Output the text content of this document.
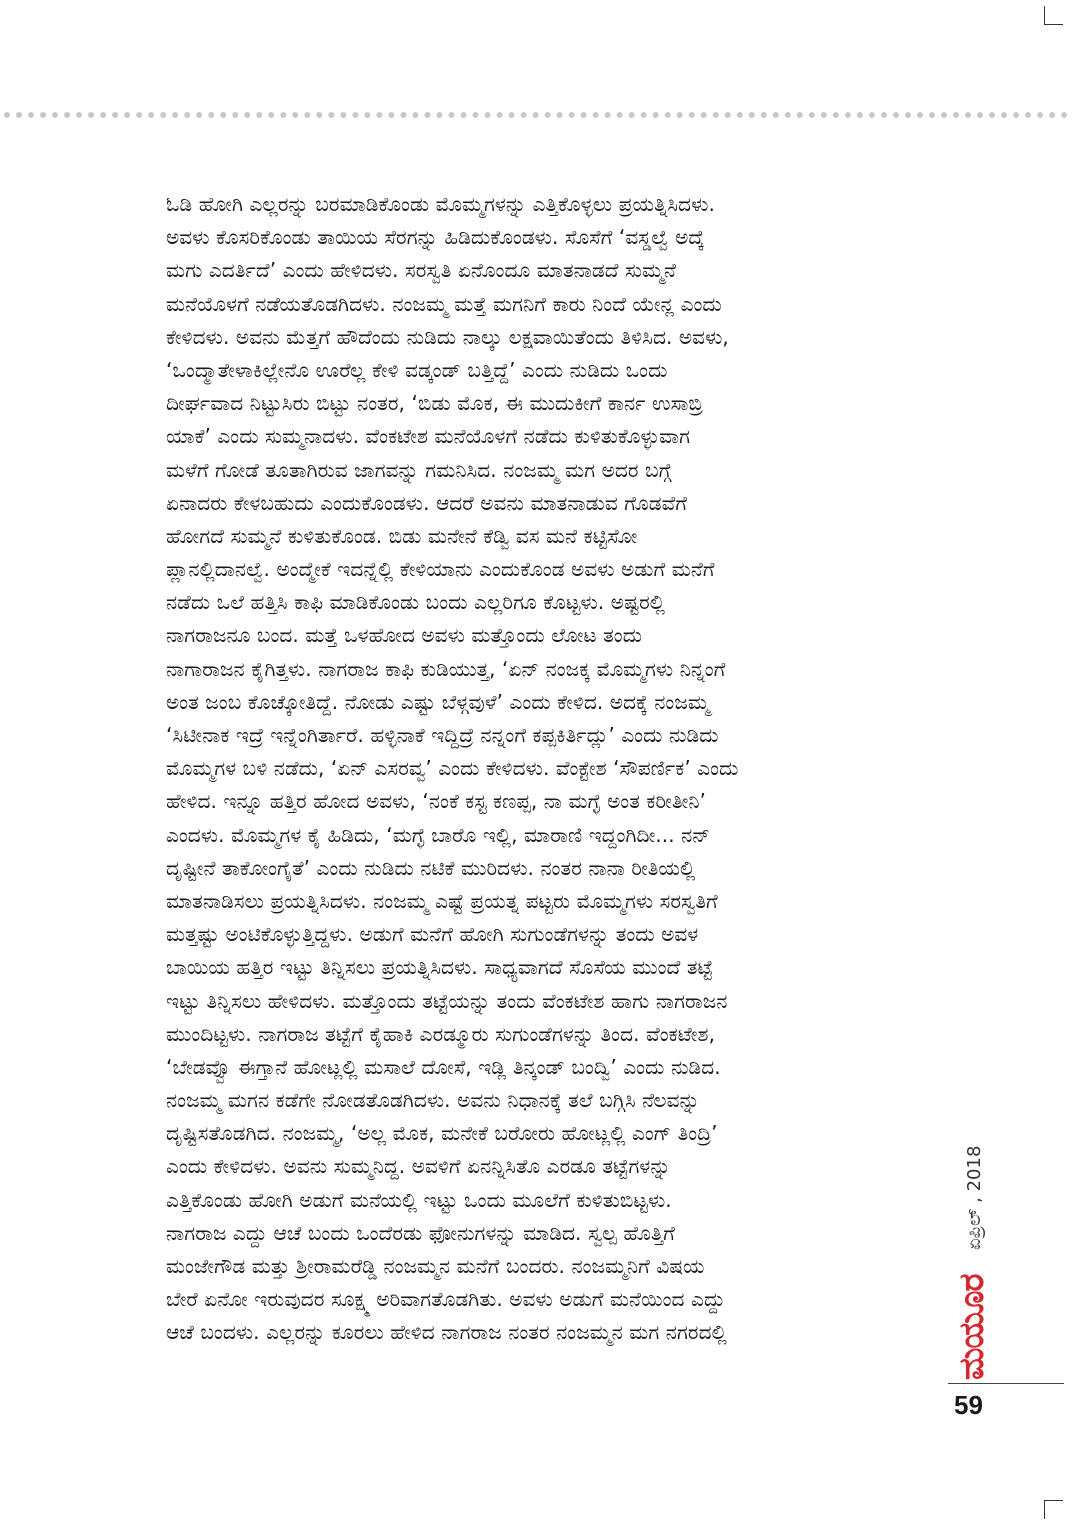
ಓಡಿ ಹೋಗಿ ಎಲ್ಲರನ್ನು ಬರಮಾಡಿಕೊಂಡು ಮೊಮ್ಮಗಳನ್ನು ಎತ್ತಿಕೊಳ್ಳಲು ಪ್ರಯತ್ನಿಸಿದಳು.
ಅವಳು ಕೊಸರಿಕೊಂಡು ತಾಯಿಯ ಸೆರಗನ್ನು ಹಿಡಿದುಕೊಂಡಳು. ಸೊಸೆಗೆ ‘ವಸ್ಡಲ್ವೆ ಅದ್ಕೆ
ಮಗು ಎದರ್ತಿದೆ’ ಎಂದು ಹೇಳಿದಳು. ಸರಸ್ವತಿ ಏನೊಂದೂ ಮಾತನಾಡದೆ ಸುಮ್ಮನೆ
ಮನೆಯೊಳಗೆ ನಡೆಯತೊಡಗಿದಳು. ನಂಜಮ್ಮ ಮತ್ತೆ ಮಗನಿಗೆ ಕಾರು ನಿಂದೆ ಯೇನ್ಲ ಎಂದು
ಕೇಳಿದಳು. ಅವನು ಮೆತ್ತಗೆ ಹೌದೆಂದು ನುಡಿದು ನಾಲ್ಕು ಲಕ್ಷವಾಯಿತೆಂದು ತಿಳಿಸಿದ. ಅವಳು,
‘ಒಂದ್ಮಾತೇಳಾಕಿಲ್ಲೇನೊ ಊರೆಲ್ಲ ಕೇಳಿ ವಡ್ಕಂಡ್ ಬತ್ತಿದ್ದೆ’ ಎಂದು ನುಡಿದು ಒಂದು
ದೀರ್ಘವಾದ ನಿಟ್ಟುಸಿರು ಬಿಟ್ಟು ನಂತರ, ‘ಬಿಡು ಮೊಕ, ಈ ಮುದುಕೀಗೆ ಕಾರ್ನ ಉಸಾಬ್ರಿ
ಯಾಕೆ’ ಎಂದು ಸುಮ್ಮನಾದಳು. ವೆಂಕಟೇಶ ಮನೆಯೊಳಗೆ ನಡೆದು ಕುಳಿತುಕೊಳ್ಳುವಾಗ
ಮಳೆಗೆ ಗೋಡೆ ತೂತಾಗಿರುವ ಜಾಗವನ್ನು ಗಮನಿಸಿದ. ನಂಜಮ್ಮ ಮಗ ಅದರ ಬಗ್ಗೆ
ಏನಾದರು ಕೇಳಬಹುದು ಎಂದುಕೊಂಡಳು. ಆದರೆ ಅವನು ಮಾತನಾಡುವ ಗೊಡವೆಗೆ
ಹೋಗದೆ ಸುಮ್ಮನೆ ಕುಳಿತುಕೊಂಡ. ಬಿಡು ಮನೇನೆ ಕೆಡ್ವಿ ವಸ ಮನೆ ಕಟ್ಟಿಸೋ
ಪ್ಲಾನಲ್ಲಿದಾನಲ್ವೆ. ಅಂದ್ಮೇಕೆ ಇದನ್ನೆಲ್ಲಿ ಕೇಳಿಯಾನು ಎಂದುಕೊಂಡ ಅವಳು ಅಡುಗೆ ಮನೆಗೆ
ನಡೆದು ಒಲೆ ಹತ್ತಿಸಿ ಕಾಫಿ ಮಾಡಿಕೊಂಡು ಬಂದು ಎಲ್ಲರಿಗೂ ಕೊಟ್ಟಳು. ಅಷ್ಟರಲ್ಲಿ
ನಾಗರಾಜನೂ ಬಂದ. ಮತ್ತೆ ಒಳಹೋದ ಅವಳು ಮತ್ತೊಂದು ಲೋಟ ತಂದು
ನಾಗಾರಾಜನ ಕೈಗಿತ್ತಳು. ನಾಗರಾಜ ಕಾಫಿ ಕುಡಿಯುತ್ತ, ‘ಏನ್ ನಂಜಕ್ಕ ಮೊಮ್ಮಗಳು ನಿನ್ನಂಗೆ
ಅಂತ ಜಂಬ ಕೊಚ್ಕೋತಿದ್ದೆ. ನೋಡು ಎಷ್ಟು ಬೆಳ್ಗವುಳೆ’ ಎಂದು ಕೇಳಿದ. ಅದಕ್ಕೆ ನಂಜಮ್ಮ
‘ಸಿಟೀನಾಕ ಇದ್ರೆ ಇನ್ನೆಂಗಿರ್ತಾರೆ. ಹಳ್ಳಿನಾಕೆ ಇದ್ದಿದ್ರೆ ನನ್ನಂಗೆ ಕಪ್ಪಕಿರ್ತಿದ್ಲು’ ಎಂದು ನುಡಿದು
ಮೊಮ್ಮಗಳ ಬಳಿ ನಡೆದು, ‘ಏನ್ ಎಸರವ್ವ’ ಎಂದು ಕೇಳಿದಳು. ವೆಂಕ್ಟೇಶ ‘ಸೌಪರ್ಣಿಕ’ ಎಂದು
ಹೇಳಿದ. ಇನ್ನೂ ಹತ್ತಿರ ಹೋದ ಅವಳು, ‘ನಂಕೆ ಕಸ್ಟ ಕಣಪ್ಪ, ನಾ ಮಗ್ಳೆ ಅಂತ ಕರೀತೀನಿ’
ಎಂದಳು. ಮೊಮ್ಮಗಳ ಕೈ ಹಿಡಿದು, ‘ಮಗ್ಳೆ ಬಾರೊ ಇಲ್ಲಿ, ಮಾರಾಣಿ ಇದ್ದಂಗಿದೀ... ನನ್
ದೃಷ್ಟೀನೆ ತಾಕೋಂಗೈತೆ’ ಎಂದು ನುಡಿದು ನಟಿಕೆ ಮುರಿದಳು. ನಂತರ ನಾನಾ ರೀತಿಯಲ್ಲಿ
ಮಾತನಾಡಿಸಲು ಪ್ರಯತ್ನಿಸಿದಳು. ನಂಜಮ್ಮ ಎಷ್ಟೆ ಪ್ರಯತ್ನ ಪಟ್ಟರು ಮೊಮ್ಮಗಳು ಸರಸ್ವತಿಗೆ
ಮತ್ತಷ್ಟು ಅಂಟಿಕೊಳ್ಳುತ್ತಿದ್ದಳು. ಅಡುಗೆ ಮನೆಗೆ ಹೋಗಿ ಸುಗುಂಡೆಗಳನ್ನು ತಂದು ಅವಳ
ಬಾಯಿಯ ಹತ್ತಿರ ಇಟ್ಟು ತಿನ್ನಿಸಲು ಪ್ರಯತ್ನಿಸಿದಳು. ಸಾಧ್ಯವಾಗದೆ ಸೊಸೆಯ ಮುಂದೆ ತಟ್ಟೆ
ಇಟ್ಟು ತಿನ್ನಿಸಲು ಹೇಳಿದಳು. ಮತ್ತೊಂದು ತಟ್ಟೆಯನ್ನು ತಂದು ವೆಂಕಟೇಶ ಹಾಗು ನಾಗರಾಜನ
ಮುಂದಿಟ್ಟಳು. ನಾಗರಾಜ ತಟ್ಟೆಗೆ ಕೈಹಾಕಿ ಎರಡ್ಮೂರು ಸುಗುಂಡೆಗಳನ್ನು ತಿಂದ. ವೆಂಕಟೇಶ,
‘ಬೇಡವ್ವೊ ಈಗ್ತಾನೆ ಹೋಟ್ಲಲ್ಲಿ ಮಸಾಲೆ ದೋಸೆ, ಇಡ್ಲಿ ತಿನ್ಕಂಡ್ ಬಂದ್ವಿ’ ಎಂದು ನುಡಿದ.
ನಂಜಮ್ಮ ಮಗನ ಕಡೆಗೇ ನೋಡತೊಡಗಿದಳು. ಅವನು ನಿಧಾನಕ್ಕೆ ತಲೆ ಬಗ್ಗಿಸಿ ನೆಲವನ್ನು
ದೃಷ್ಟಿಸತೊಡಗಿದ. ನಂಜಮ್ಮ, ‘ಅಲ್ಲ ಮೊಕ, ಮನೇಕೆ ಬರೋರು ಹೋಟ್ಲಲ್ಲಿ ಎಂಗ್ ತಿಂದ್ರಿ’
ಎಂದು ಕೇಳಿದಳು. ಅವನು ಸುಮ್ಮನಿದ್ದ. ಅವಳಿಗೆ ಏನನ್ನಿಸಿತೊ ಎರಡೂ ತಟ್ಟೆಗಳನ್ನು
ಎತ್ತಿಕೊಂಡು ಹೋಗಿ ಅಡುಗೆ ಮನೆಯಲ್ಲಿ ಇಟ್ಟು ಒಂದು ಮೂಲೆಗೆ ಕುಳಿತುಬಿಟ್ಟಳು.
ನಾಗರಾಜ ಎದ್ದು ಆಚೆ ಬಂದು ಒಂದೆರಡು ಫೋನುಗಳನ್ನು ಮಾಡಿದ. ಸ್ವಲ್ಪ ಹೊತ್ತಿಗೆ
ಮಂಜೇಗೌಡ ಮತ್ತು ಶ್ರೀರಾಮರೆಡ್ಡಿ ನಂಜಮ್ಮನ ಮನೆಗೆ ಬಂದರು. ನಂಜಮ್ಮನಿಗೆ ವಿಷಯ
ಬೇರೆ ಏನೋ ಇರುವುದರ ಸೂಕ್ಷ್ಮ ಅರಿವಾಗತೊಡಗಿತು. ಅವಳು ಅಡುಗೆ ಮನೆಯಿಂದ ಎದ್ದು
ಆಚೆ ಬಂದಳು. ಎಲ್ಲರನ್ನು ಕೂರಲು ಹೇಳಿದ ನಾಗರಾಜ ನಂತರ ನಂಜಮ್ಮನ ಮಗ ನಗರದಲ್ಲಿ
ಏಪ್ರಿಲ್ , 2018
ಮಯೂರ
59
